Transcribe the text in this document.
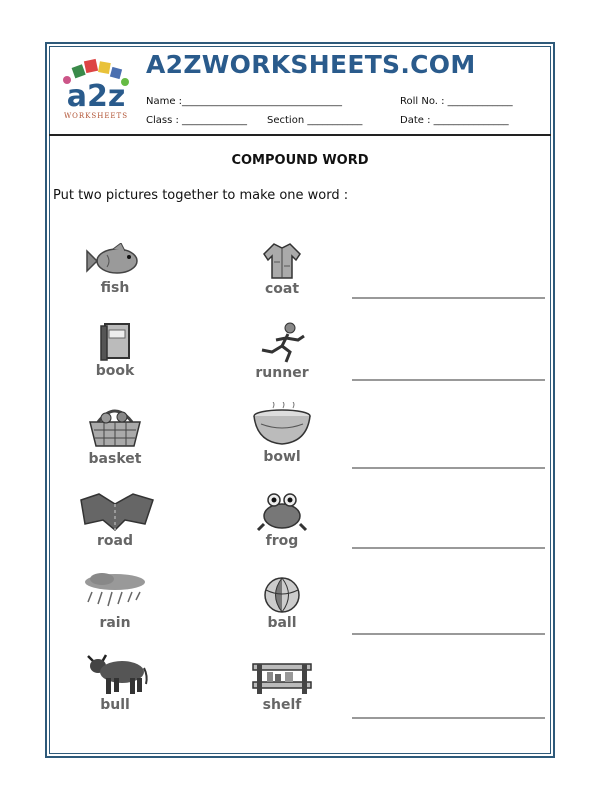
a2z
WORKSHEETS
A2ZWORKSHEETS.COM
Name :________________________________	Roll No. : _____________
Class : _____________ Section ___________	Date : _______________
COMPOUND WORD
Put two pictures together to make one word :
fish
book
basket
road
rain
bull
coat
runner
bowl
frog
ball
shelf
